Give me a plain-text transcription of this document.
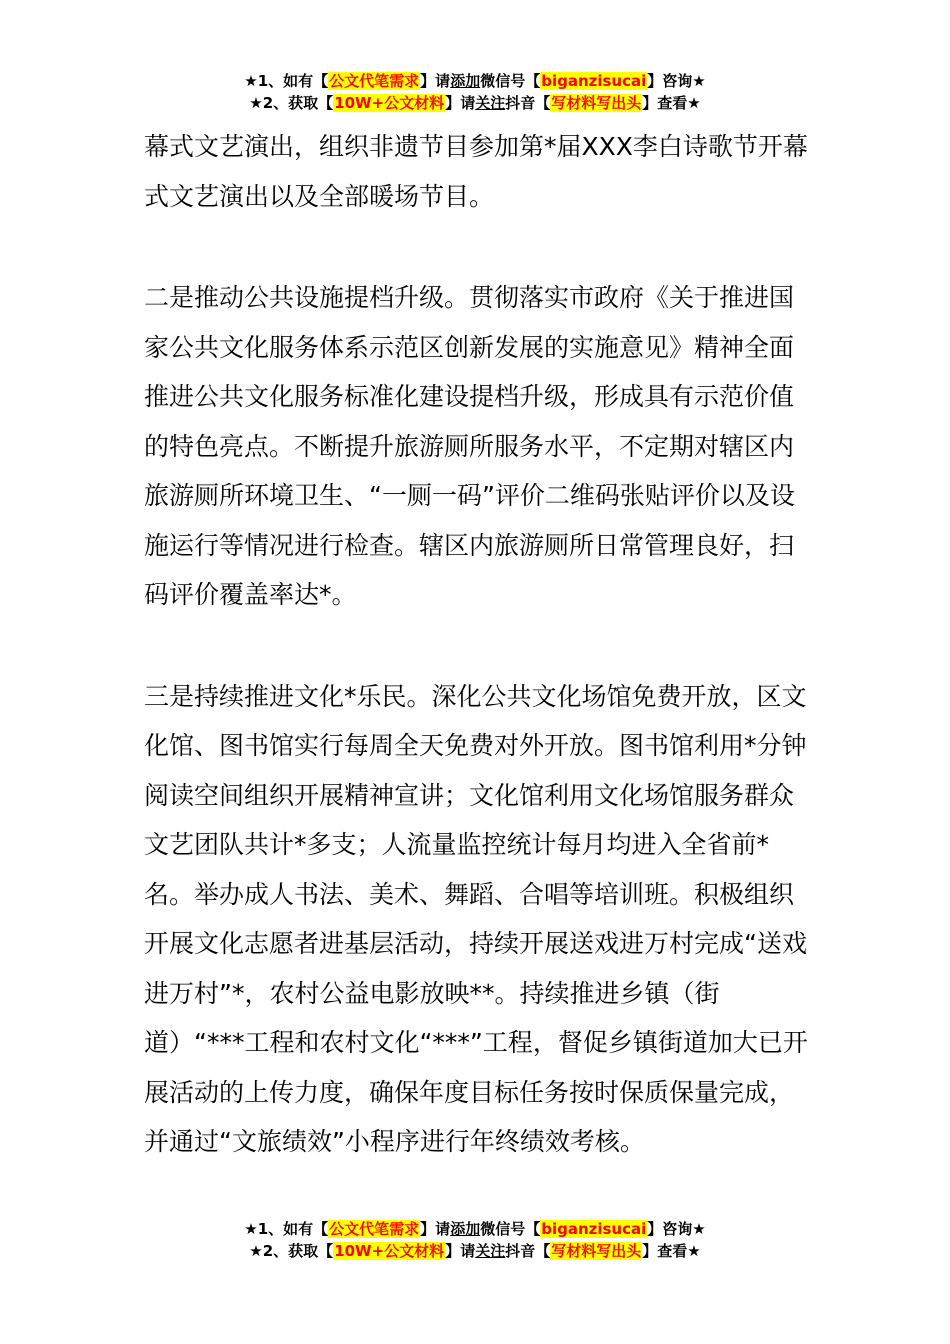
★1、如有【公文代笔需求】请添加微信号【biganzisucai】咨询★
★2、获取【10W+公文材料】请关注抖音【写材料写出头】查看★

幕式文艺演出，组织非遗节目参加第*届XXX李白诗歌节开幕式文艺演出以及全部暖场节目。

二是推动公共设施提档升级。贯彻落实市政府《关于推进国家公共文化服务体系示范区创新发展的实施意见》精神全面推进公共文化服务标准化建设提档升级，形成具有示范价值的特色亮点。不断提升旅游厕所服务水平，不定期对辖区内旅游厕所环境卫生、“一厕一码”评价二维码张贴评价以及设施运行等情况进行检查。辖区内旅游厕所日常管理良好，扫码评价覆盖率达*。

三是持续推进文化*乐民。深化公共文化场馆免费开放，区文化馆、图书馆实行每周全天免费对外开放。图书馆利用*分钟阅读空间组织开展精神宣讲；文化馆利用文化场馆服务群众文艺团队共计*多支；人流量监控统计每月均进入全省前*名。举办成人书法、美术、舞蹈、合唱等培训班。积极组织开展文化志愿者进基层活动，持续开展送戏进万村完成“送戏进万村”*，农村公益电影放映**。持续推进乡镇（街道）“***工程和农村文化“***”工程，督促乡镇街道加大已开展活动的上传力度，确保年度目标任务按时保质保量完成，并通过“文旅绩效”小程序进行年终绩效考核。

★1、如有【公文代笔需求】请添加微信号【biganzisucai】咨询★
★2、获取【10W+公文材料】请关注抖音【写材料写出头】查看★
